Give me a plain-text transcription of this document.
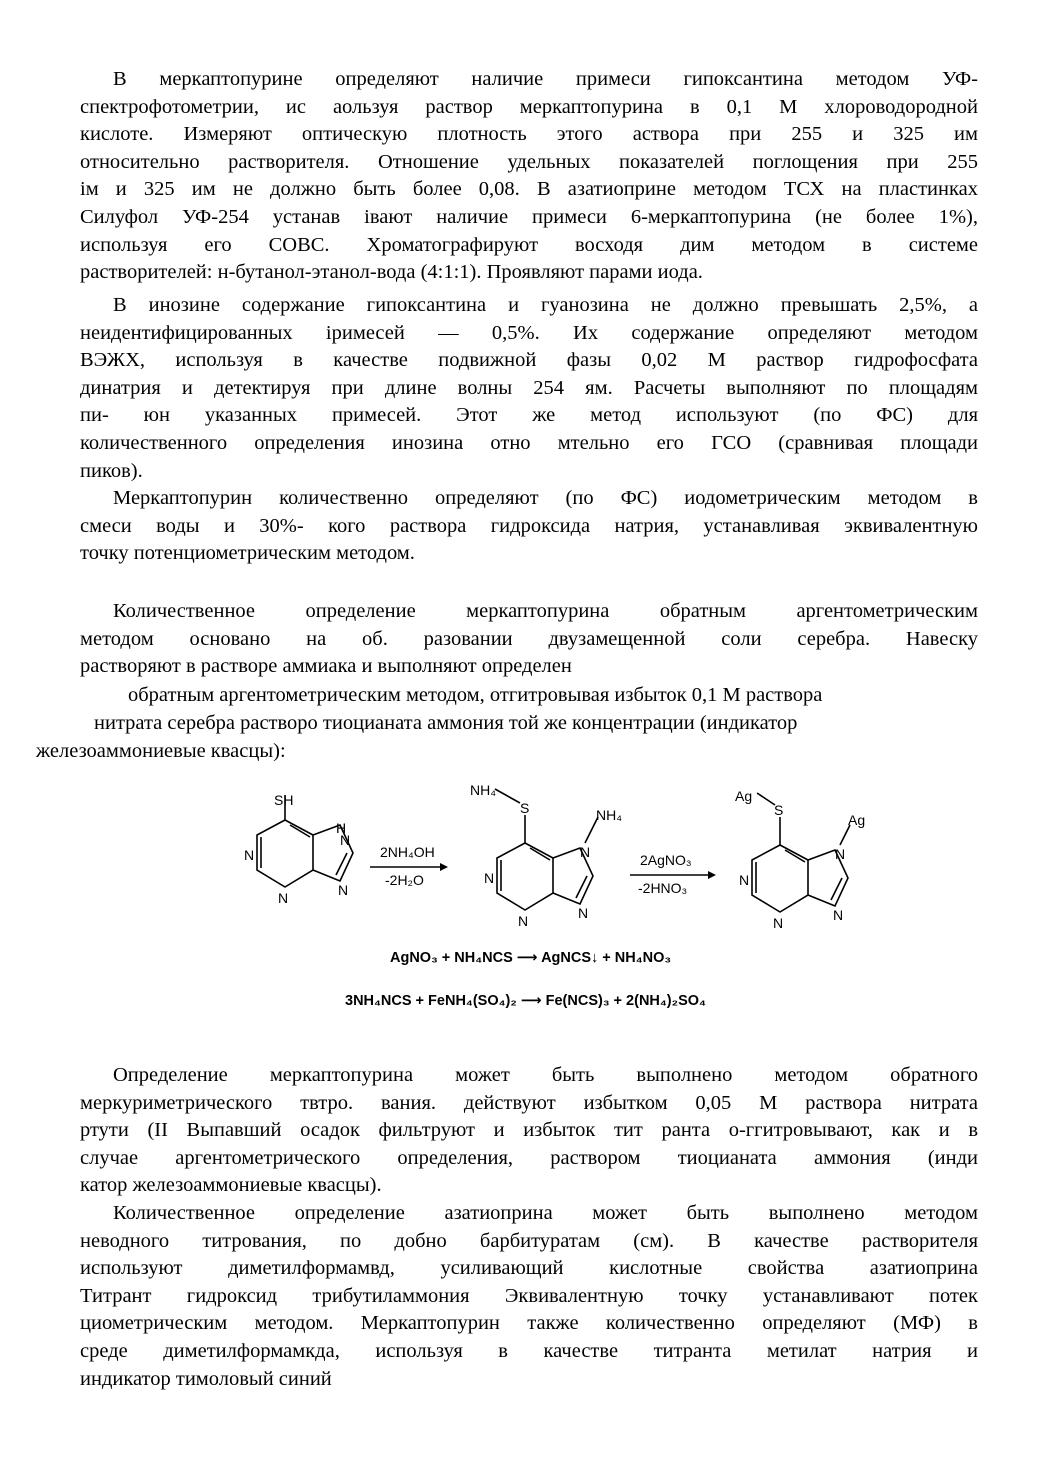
В меркаптопурине определяют наличие примеси гипоксантина методом УФ-
спектрофотометрии, ис аользуя раствор меркаптопурина в 0,1 М хлороводородной
кислоте. Измеряют оптическую плотность этого аствора при 255 и 325 им
относительно растворителя. Отношение удельных показателей поглощения при 255
iм и 325 им не должно быть более 0,08. В азатиоприне методом ТСХ на пластинках
Силуфол УФ-254 устанав iвают наличие примеси 6-меркаптопурина (не более 1%),
используя его СОВС. Хроматографируют восходя дим методом в системе
растворителей: н-бутанол-этанол-вода (4:1:1). Проявляют парами иода.
В инозине содержание гипоксантина и гуанозина не должно превышать 2,5%, а
неидентифицированных iримесей — 0,5%. Их содержание определяют методом
ВЭЖХ, используя в качестве подвижной фазы 0,02 М раствор гидрофосфата
динатрия и детектируя при длине волны 254 ям. Расчеты выполняют по площадям
пи- юн указанных примесей. Этот же метод используют (по ФС) для
количественного определения инозина отно мтельно его ГСО (сравнивая площади
пиков).
Меркаптопурин количественно определяют (по ФС) иодометрическим методом в
смеси воды и 30%- кого раствора гидроксида натрия, устанавливая эквивалентную
точку потенциометрическим методом.
Количественное определение меркаптопурина обратным аргентометрическим
методом основано на об. разовании двузамещенной соли серебра. Навеску
растворяют в растворе аммиака и выполняют определен

обратным аргентометрическим методом, отгитровывая избыток 0,1 М раствора

нитрата серебра растворо тиоцианата аммония той же концентрации (индикатор

железоаммониевые квасцы):

SH
H
N
N
N	N
2NH₄OH
-2H₂O
NH₄
S	NH₄
N
N
N	N
2AgNO₃
-2HNO₃
Ag
S
Ag
N
N
N	N
AgNO₃ + NH₄NCS ⟶ AgNCS↓ + NH₄NO₃
3NH₄NCS + FeNH₄(SO₄)₂ ⟶ Fe(NCS)₃ + 2(NH₄)₂SO₄
Определение меркаптопурина может быть выполнено методом обратного
меркуриметрического твтро. вания. действуют избытком 0,05 М раствора нитрата
ртути (II Выпавший осадок фильтруют и избыток тит ранта о-ггитровывают, как и в
случае аргентометрического определения, раствором тиоцианата аммония (инди
катор железоаммониевые квасцы).
Количественное определение азатиоприна может быть выполнено методом
неводного титрования, по добно барбитуратам (см). В качестве растворителя
используют диметилформамвд, усиливающий кислотные свойства азатиоприна
Титрант гидроксид трибутиламмония Эквивалентную точку устанавливают потек
циометрическим методом. Меркаптопурин также количественно определяют (МФ) в
среде диметилформамкда, используя в качестве титранта метилат натрия и
индикатор тимоловый синий
